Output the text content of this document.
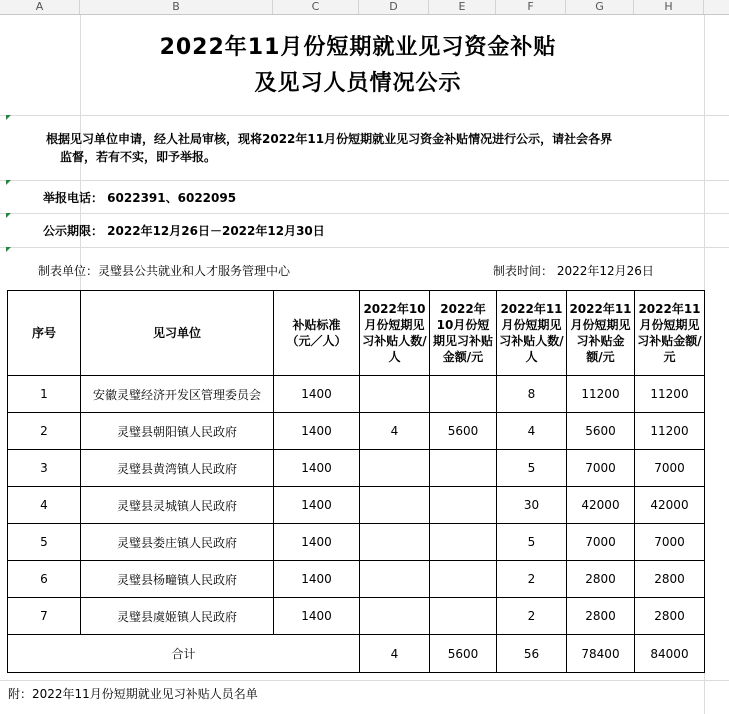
A	B	C	D	E	F	G	H
2022年11月份短期就业见习资金补贴
及见习人员情况公示
根据见习单位申请，经人社局审核，现将2022年11月份短期就业见习资金补贴情况进行公示，请社会各界
监督，若有不实，即予举报。
举报电话： 6022391、6022095
公示期限： 2022年12月26日－2022年12月30日
制表单位：灵璧县公共就业和人才服务管理中心	制表时间： 2022年12月26日
序号	见习单位	补贴标准（元／人）	2022年10月份短期见习补贴人数/人	2022年10月份短期见习补贴金额/元	2022年11月份短期见习补贴人数/人	2022年11月份短期见习补贴金额/元	2022年11月份短期见习补贴金额/元
1	安徽灵璧经济开发区管理委员会	1400			8	11200	11200
2	灵璧县朝阳镇人民政府	1400	4	5600	4	5600	11200
3	灵璧县黄湾镇人民政府	1400			5	7000	7000
4	灵璧县灵城镇人民政府	1400			30	42000	42000
5	灵璧县娄庄镇人民政府	1400			5	7000	7000
6	灵璧县杨疃镇人民政府	1400			2	2800	2800
7	灵璧县虞姬镇人民政府	1400			2	2800	2800
合计			4	5600	56	78400	84000
附：2022年11月份短期就业见习补贴人员名单
